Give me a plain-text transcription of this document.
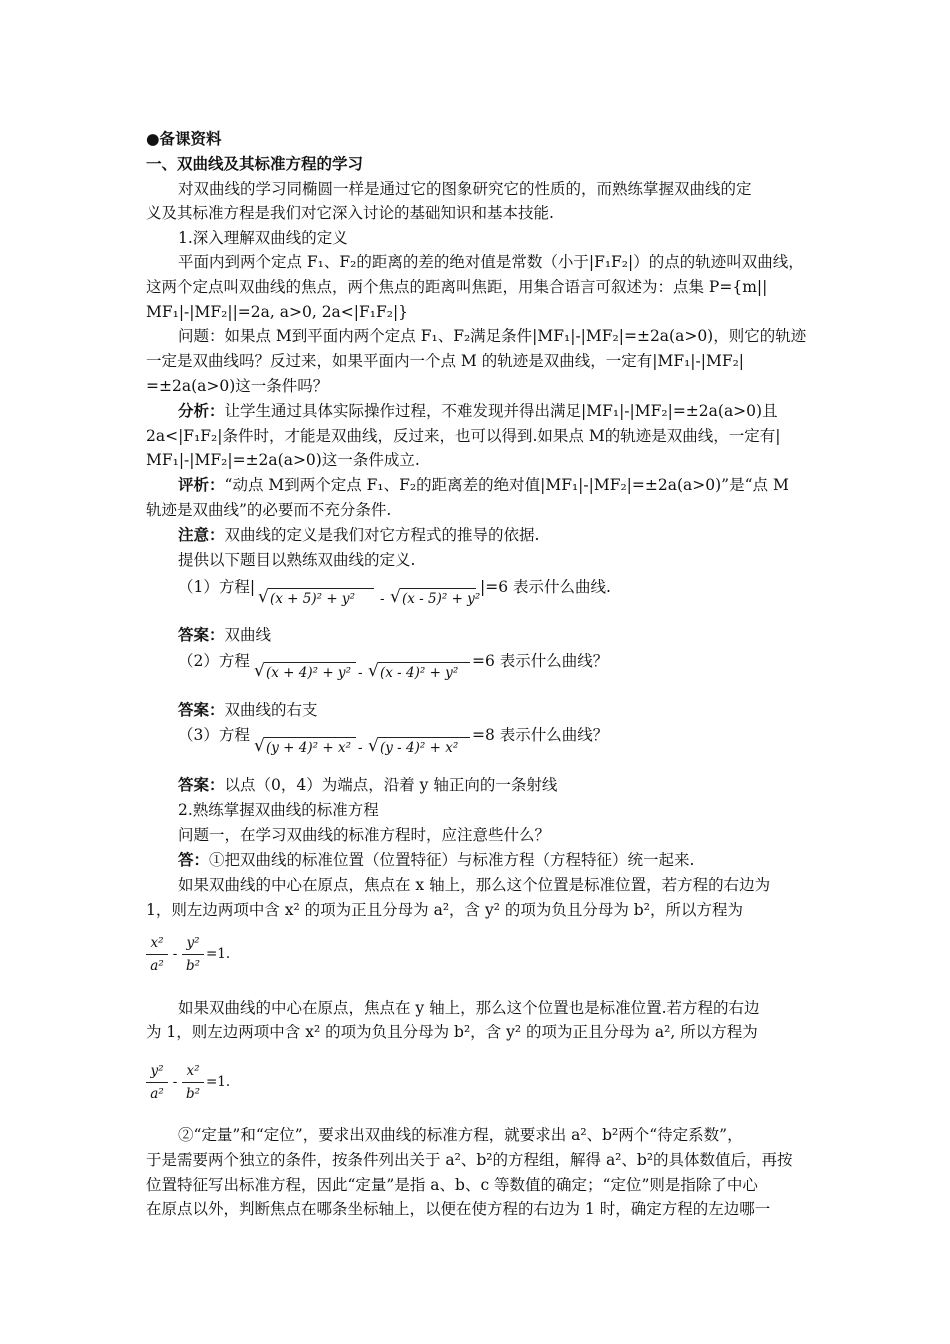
●备课资料
一、双曲线及其标准方程的学习
对双曲线的学习同椭圆一样是通过它的图象研究它的性质的，而熟练掌握双曲线的定
义及其标准方程是我们对它深入讨论的基础知识和基本技能.
1.深入理解双曲线的定义
平面内到两个定点 F₁、F₂的距离的差的绝对值是常数（小于|F₁F₂|）的点的轨迹叫双曲线，
这两个定点叫双曲线的焦点，两个焦点的距离叫焦距，用集合语言可叙述为：点集 P={m||
MF₁|-|MF₂||=2a, a>0, 2a<|F₁F₂|}
问题：如果点 M到平面内两个定点 F₁、F₂满足条件|MF₁|-|MF₂|=±2a(a>0)，则它的轨迹
一定是双曲线吗？反过来，如果平面内一个点 M 的轨迹是双曲线，一定有|MF₁|-|MF₂|
=±2a(a>0)这一条件吗？
分析：让学生通过具体实际操作过程，不难发现并得出满足|MF₁|-|MF₂|=±2a(a>0)且
2a<|F₁F₂|条件时，才能是双曲线，反过来，也可以得到.如果点 M的轨迹是双曲线，一定有|
MF₁|-|MF₂|=±2a(a>0)这一条件成立.
评析：“动点 M到两个定点 F₁、F₂的距离差的绝对值|MF₁|-|MF₂|=±2a(a>0)”是“点 M
轨迹是双曲线”的必要而不充分条件.
注意：双曲线的定义是我们对它方程式的推导的依据.
提供以下题目以熟练双曲线的定义.
（1）方程| √ (x + 5)² + y² - √ (x - 5)² + y²
|=6 表示什么曲线.
答案：双曲线
（2）方程 √ (x + 4)² + y² - √ (x - 4)² + y²
=6 表示什么曲线？
答案：双曲线的右支
（3）方程
√ (y + 4)² + x² - √ (y - 4)² + x²
=8 表示什么曲线？
答案：以点（0，4）为端点，沿着 y 轴正向的一条射线
2.熟练掌握双曲线的标准方程
问题一，在学习双曲线的标准方程时，应注意些什么？
答：①把双曲线的标准位置（位置特征）与标准方程（方程特征）统一起来.
如果双曲线的中心在原点，焦点在 x 轴上，那么这个位置是标准位置，若方程的右边为
1，则左边两项中含 x² 的项为正且分母为 a²，含 y² 的项为负且分母为 b²，所以方程为
x²
a²
-
y²
b²
=1.
如果双曲线的中心在原点，焦点在 y 轴上，那么这个位置也是标准位置.若方程的右边
为 1，则左边两项中含 x² 的项为负且分母为 b²，含 y² 的项为正且分母为 a², 所以方程为
y²
a²
-
x²
b²
=1.
②“定量”和“定位”，要求出双曲线的标准方程，就要求出 a²、b²两个“待定系数”，
于是需要两个独立的条件，按条件列出关于 a²、b²的方程组，解得 a²、b²的具体数值后，再按
位置特征写出标准方程，因此“定量”是指 a、b、c 等数值的确定；“定位”则是指除了中心
在原点以外，判断焦点在哪条坐标轴上，以便在使方程的右边为 1 时，确定方程的左边哪一
